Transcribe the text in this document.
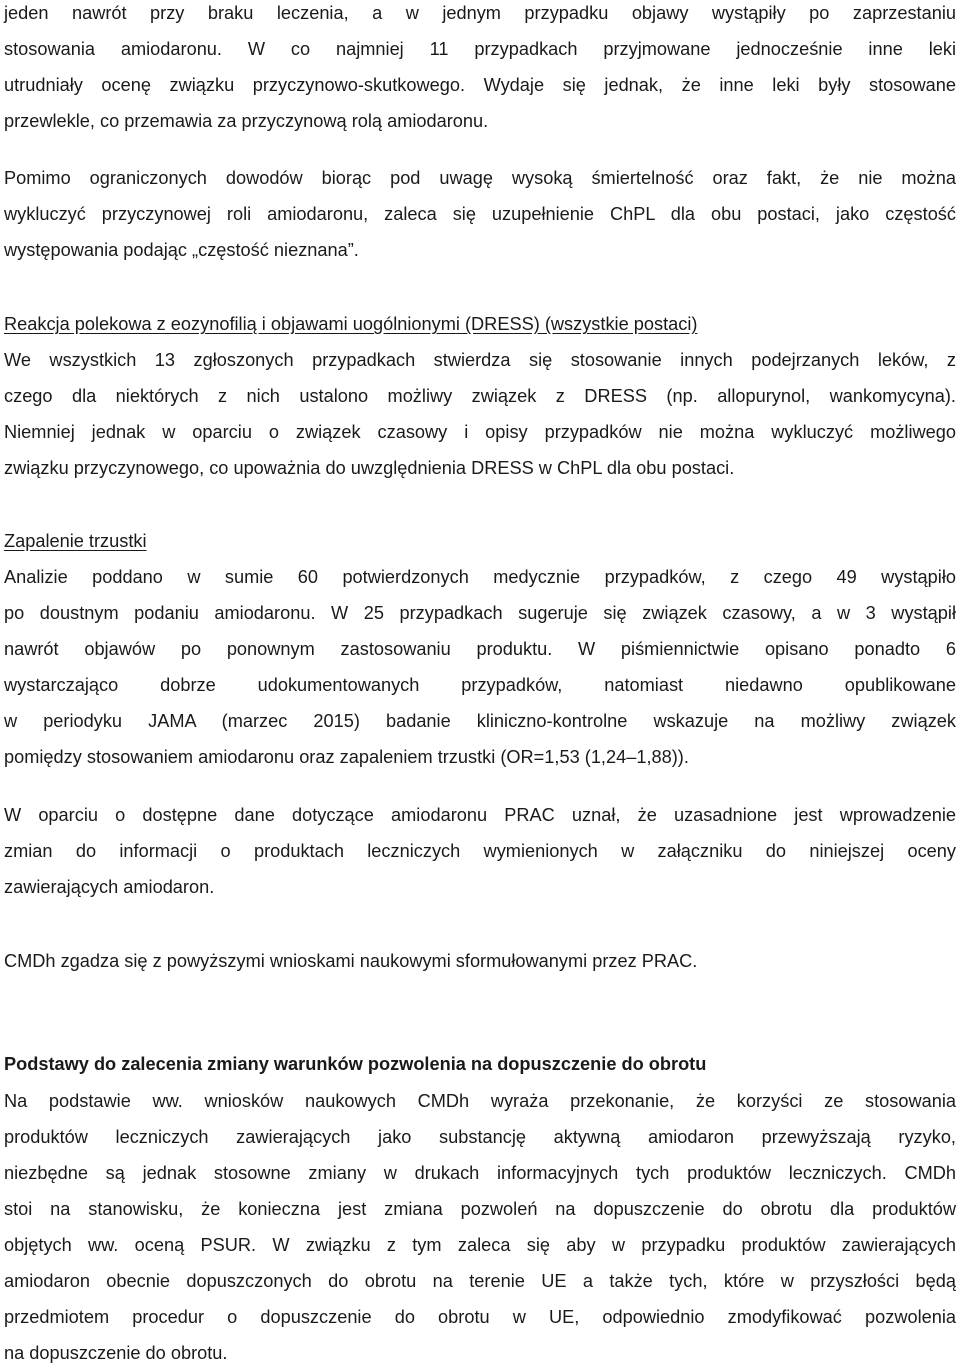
jeden nawrót przy braku leczenia, a w jednym przypadku objawy wystąpiły po zaprzestaniu
stosowania amiodaronu. W co najmniej 11 przypadkach przyjmowane jednocześnie inne leki
utrudniały ocenę związku przyczynowo-skutkowego. Wydaje się jednak, że inne leki były stosowane
przewlekle, co przemawia za przyczynową rolą amiodaronu.
Pomimo ograniczonych dowodów biorąc pod uwagę wysoką śmiertelność oraz fakt, że nie można
wykluczyć przyczynowej roli amiodaronu, zaleca się uzupełnienie ChPL dla obu postaci, jako częstość
występowania podając „częstość nieznana”.
Reakcja polekowa z eozynofilią i objawami uogólnionymi (DRESS) (wszystkie postaci)
We wszystkich 13 zgłoszonych przypadkach stwierdza się stosowanie innych podejrzanych leków, z
czego dla niektórych z nich ustalono możliwy związek z DRESS (np. allopurynol, wankomycyna).
Niemniej jednak w oparciu o związek czasowy i opisy przypadków nie można wykluczyć możliwego
związku przyczynowego, co upoważnia do uwzględnienia DRESS w ChPL dla obu postaci.
Zapalenie trzustki
Analizie poddano w sumie 60 potwierdzonych medycznie przypadków, z czego 49 wystąpiło
po doustnym podaniu amiodaronu. W 25 przypadkach sugeruje się związek czasowy, a w 3 wystąpił
nawrót objawów po ponownym zastosowaniu produktu. W piśmiennictwie opisano ponadto 6
wystarczająco dobrze udokumentowanych przypadków, natomiast niedawno opublikowane
w periodyku JAMA (marzec 2015) badanie kliniczno-kontrolne wskazuje na możliwy związek
pomiędzy stosowaniem amiodaronu oraz zapaleniem trzustki (OR=1,53 (1,24–1,88)).
W oparciu o dostępne dane dotyczące amiodaronu PRAC uznał, że uzasadnione jest wprowadzenie
zmian do informacji o produktach leczniczych wymienionych w załączniku do niniejszej oceny
zawierających amiodaron.
CMDh zgadza się z powyższymi wnioskami naukowymi sformułowanymi przez PRAC.
Podstawy do zalecenia zmiany warunków pozwolenia na dopuszczenie do obrotu
Na podstawie ww. wniosków naukowych CMDh wyraża przekonanie, że korzyści ze stosowania
produktów leczniczych zawierających jako substancję aktywną amiodaron przewyższają ryzyko,
niezbędne są jednak stosowne zmiany w drukach informacyjnych tych produktów leczniczych. CMDh
stoi na stanowisku, że konieczna jest zmiana pozwoleń na dopuszczenie do obrotu dla produktów
objętych ww. oceną PSUR. W związku z tym zaleca się aby w przypadku produktów zawierających
amiodaron obecnie dopuszczonych do obrotu na terenie UE a także tych, które w przyszłości będą
przedmiotem procedur o dopuszczenie do obrotu w UE, odpowiednio zmodyfikować pozwolenia
na dopuszczenie do obrotu.
